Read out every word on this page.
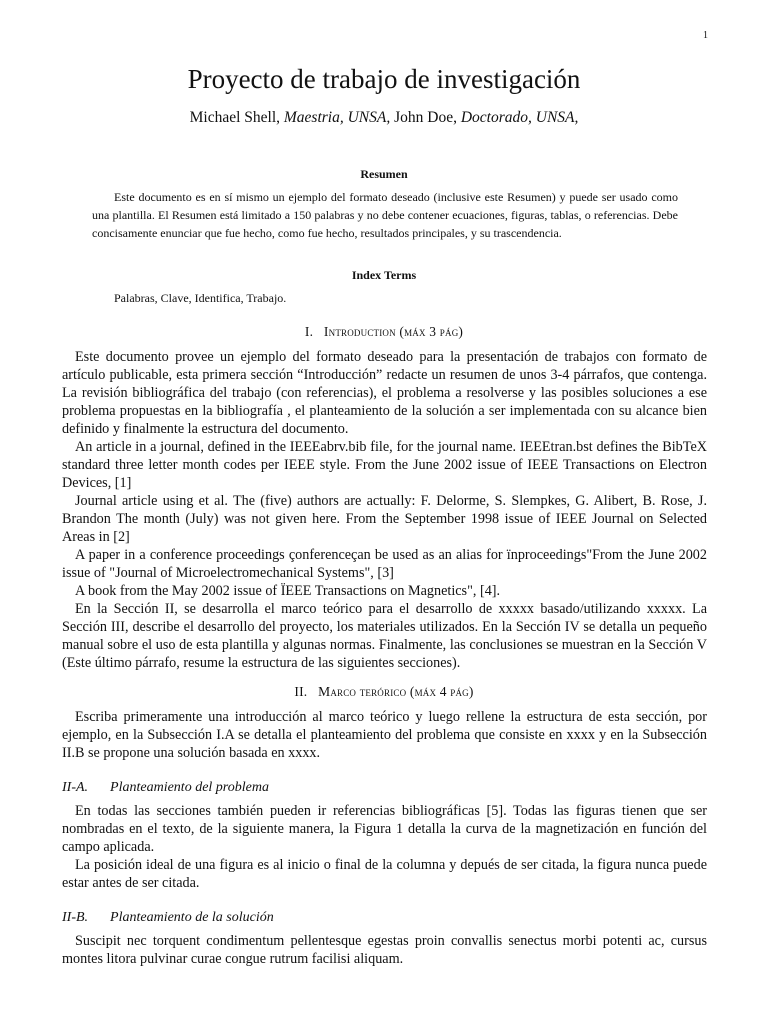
1
Proyecto de trabajo de investigación
Michael Shell, Maestria, UNSA, John Doe, Doctorado, UNSA,
Resumen
Este documento es en sí mismo un ejemplo del formato deseado (inclusive este Resumen) y puede ser usado como una plantilla. El Resumen está limitado a 150 palabras y no debe contener ecuaciones, figuras, tablas, o referencias. Debe concisamente enunciar que fue hecho, como fue hecho, resultados principales, y su trascendencia.
Index Terms
Palabras, Clave, Identifica, Trabajo.
I. Introduction (máx 3 pág)

Este documento provee un ejemplo del formato deseado para la presentación de trabajos con formato de artículo publicable, esta primera sección “Introducción” redacte un resumen de unos 3-4 párrafos, que contenga. La revisión bibliográfica del trabajo (con referencias), el problema a resolverse y las posibles soluciones a ese problema propuestas en la bibliografía , el planteamiento de la solución a ser implementada con su alcance bien definido y finalmente la estructura del documento.

An article in a journal, defined in the IEEEabrv.bib file, for the journal name. IEEEtran.bst defines the BibTeX standard three letter month codes per IEEE style. From the June 2002 issue of IEEE Transactions on Electron Devices, [1]

Journal article using et al. The (five) authors are actually: F. Delorme, S. Slempkes, G. Alibert, B. Rose, J. Brandon The month (July) was not given here. From the September 1998 issue of IEEE Journal on Selected Areas in [2]

A paper in a conference proceedings çonferenceçan be used as an alias for ïnproceedings"From the June 2002 issue of "Journal of Microelectromechanical Systems", [3]

A book from the May 2002 issue of ÏEEE Transactions on Magnetics", [4].

En la Sección II, se desarrolla el marco teórico para el desarrollo de xxxxx basado/utilizando xxxxx. La Sección III, describe el desarrollo del proyecto, los materiales utilizados. En la Sección IV se detalla un pequeño manual sobre el uso de esta plantilla y algunas normas. Finalmente, las conclusiones se muestran en la Sección V (Este último párrafo, resume la estructura de las siguientes secciones).

II. Marco terórico (máx 4 pág)

Escriba primeramente una introducción al marco teórico y luego rellene la estructura de esta sección, por ejemplo, en la Subsección I.A se detalla el planteamiento del problema que consiste en xxxx y en la Subsección II.B se propone una solución basada en xxxx.

II-A. Planteamiento del problema

En todas las secciones también pueden ir referencias bibliográficas [5]. Todas las figuras tienen que ser nombradas en el texto, de la siguiente manera, la Figura 1 detalla la curva de la magnetización en función del campo aplicada.

La posición ideal de una figura es al inicio o final de la columna y depués de ser citada, la figura nunca puede estar antes de ser citada.

II-B. Planteamiento de la solución

Suscipit nec torquent condimentum pellentesque egestas proin convallis senectus morbi potenti ac, cursus montes litora pulvinar curae congue rutrum facilisi aliquam.
